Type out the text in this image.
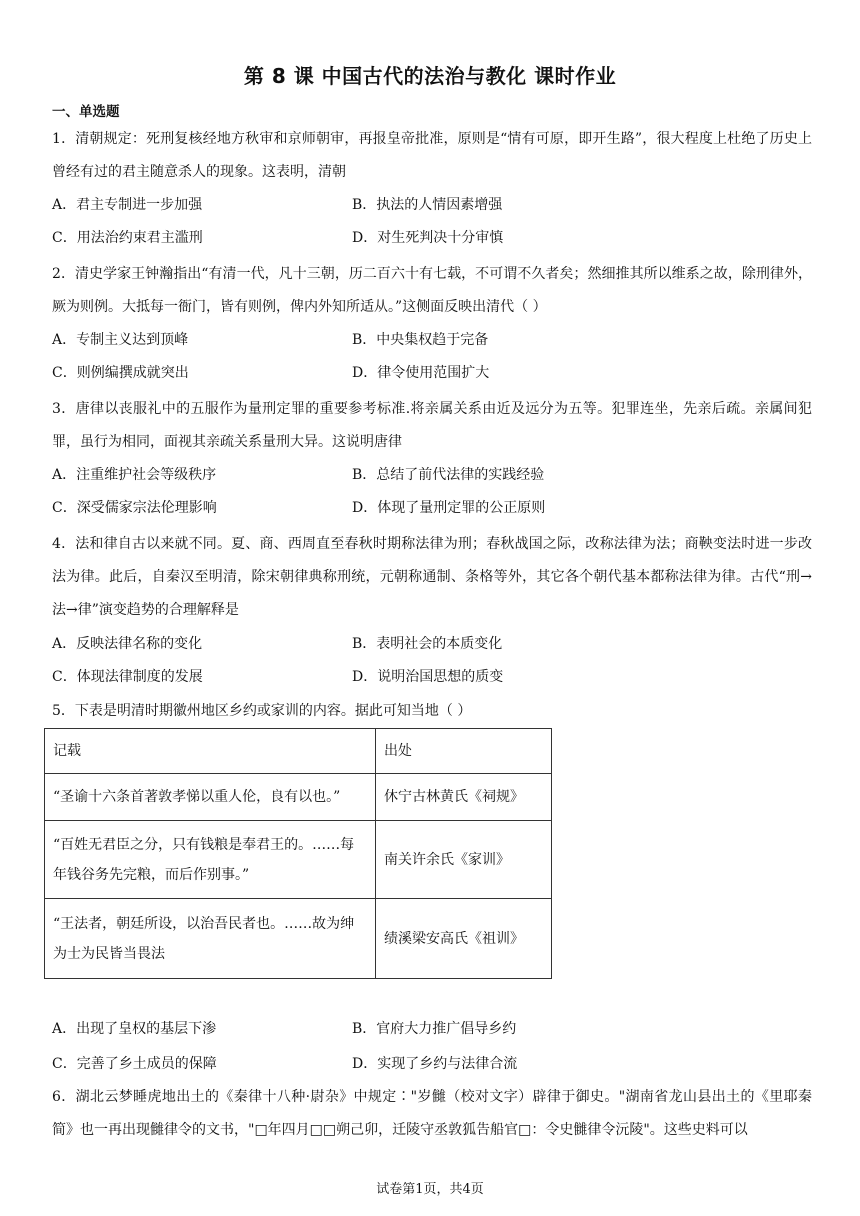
第 8 课 中国古代的法治与教化 课时作业
一、单选题
1．清朝规定：死刑复核经地方秋审和京师朝审，再报皇帝批准，原则是“情有可原，即开生路”，很大程度上杜绝了历史上曾经有过的君主随意杀人的现象。这表明，清朝
A．君主专制进一步加强	B．执法的人情因素增强
C．用法治约束君主滥刑	D．对生死判决十分审慎
2．清史学家王钟瀚指出“有清一代，凡十三朝，历二百六十有七载，不可谓不久者矣；然细推其所以维系之故，除刑律外，厥为则例。大抵每一衙门，皆有则例，俾内外知所适从。”这侧面反映出清代（ ）
A．专制主义达到顶峰	B．中央集权趋于完备
C．则例编撰成就突出	D．律令使用范围扩大
3．唐律以丧服礼中的五服作为量刑定罪的重要参考标准.将亲属关系由近及远分为五等。犯罪连坐，先亲后疏。亲属间犯罪，虽行为相同，面视其亲疏关系量刑大异。这说明唐律
A．注重维护社会等级秩序	B．总结了前代法律的实践经验
C．深受儒家宗法伦理影响	D．体现了量刑定罪的公正原则
4．法和律自古以来就不同。夏、商、西周直至春秋时期称法律为刑；春秋战国之际，改称法律为法；商鞅变法时进一步改法为律。此后，自秦汉至明清，除宋朝律典称刑统，元朝称通制、条格等外，其它各个朝代基本都称法律为律。古代“刑→法→律”演变趋势的合理解释是
A．反映法律名称的变化	B．表明社会的本质变化
C．体现法律制度的发展	D．说明治国思想的质变
5．下表是明清时期徽州地区乡约或家训的内容。据此可知当地（ ）
记载	出处
“圣谕十六条首著敦孝悌以重人伦，良有以也。”	休宁古林黄氏《祠规》
“百姓无君臣之分，只有钱粮是奉君王的。……每年钱谷务先完粮，而后作别事。”	南关许余氏《家训》
“王法者，朝廷所设，以治吾民者也。……故为绅为士为民皆当畏法	绩溪梁安高氏《祖训》
A．出现了皇权的基层下渗	B．官府大力推广倡导乡约
C．完善了乡土成员的保障	D．实现了乡约与法律合流
6．湖北云梦睡虎地出土的《秦律十八种·尉杂》中规定∶"岁雠（校对文字）辟律于御史。"湖南省龙山县出土的《里耶秦简》也一再出现雠律令的文书，"□年四月□□朔己卯，迁陵守丞敦狐告船官□：令史雠律令沅陵"。这些史料可以
试卷第1页，共4页
